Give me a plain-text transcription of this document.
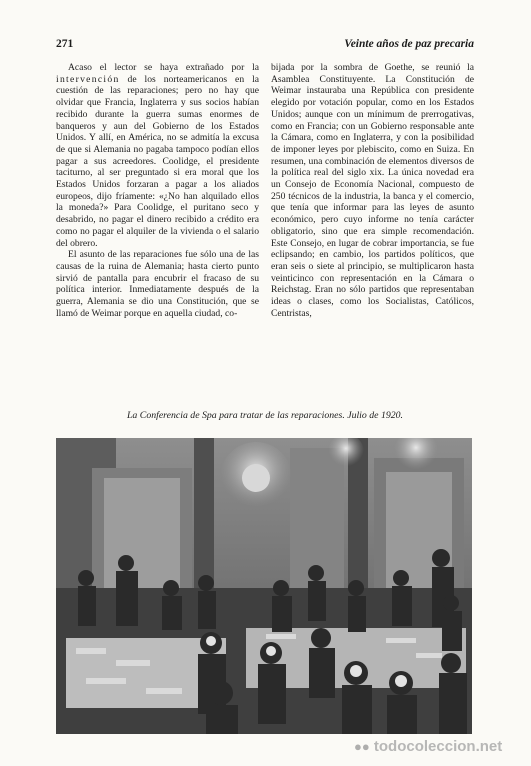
271	Veinte años de paz precaria

Acaso el lector se haya extrañado por la intervención de los norteamericanos en la cuestión de las reparaciones; pero no hay que olvidar que Francia, Inglaterra y sus socios habían recibido durante la guerra sumas enormes de banqueros y aun del Gobierno de los Estados Unidos. Y allí, en América, no se admitía la excusa de que si Alemania no pagaba tampoco podían ellos pagar a sus acreedores. Coolidge, el presidente taciturno, al ser preguntado si era moral que los Estados Unidos forzaran a pagar a los aliados europeos, dijo fríamente: «¿No han alquilado ellos la moneda?» Para Coolidge, el puritano seco y desabrido, no pagar el dinero recibido a crédito era como no pagar el alquiler de la vivienda o el salario del obrero.

El asunto de las reparaciones fue sólo una de las causas de la ruina de Alemania; hasta cierto punto sirvió de pantalla para encubrir el fracaso de su política interior. Inmediatamente después de la guerra, Alemania se dio una Constitución, que se llamó de Weimar porque en aquella ciudad, co-

bijada por la sombra de Goethe, se reunió la Asamblea Constituyente. La Constitución de Weimar instauraba una República con presidente elegido por votación popular, como en los Estados Unidos; aunque con un mínimum de prerrogativas, como en Francia; con un Gobierno responsable ante la Cámara, como en Inglaterra, y con la posibilidad de imponer leyes por plebiscito, como en Suiza. En resumen, una combinación de elementos diversos de la política real del siglo xix. La única novedad era un Consejo de Economía Nacional, compuesto de 250 técnicos de la industria, la banca y el comercio, que tenía que informar para las leyes de asunto económico, pero cuyo informe no tenía carácter obligatorio, sino que era simple recomendación. Este Consejo, en lugar de cobrar importancia, se fue eclipsando; en cambio, los partidos políticos, que eran seis o siete al principio, se multiplicaron hasta veinticinco con representación en la Cámara o Reichstag. Eran no sólo partidos que representaban ideas o clases, como los Socialistas, Católicos, Centristas,

La Conferencia de Spa para tratar de las reparaciones. Julio de 1920.
●● todocoleccion.net
